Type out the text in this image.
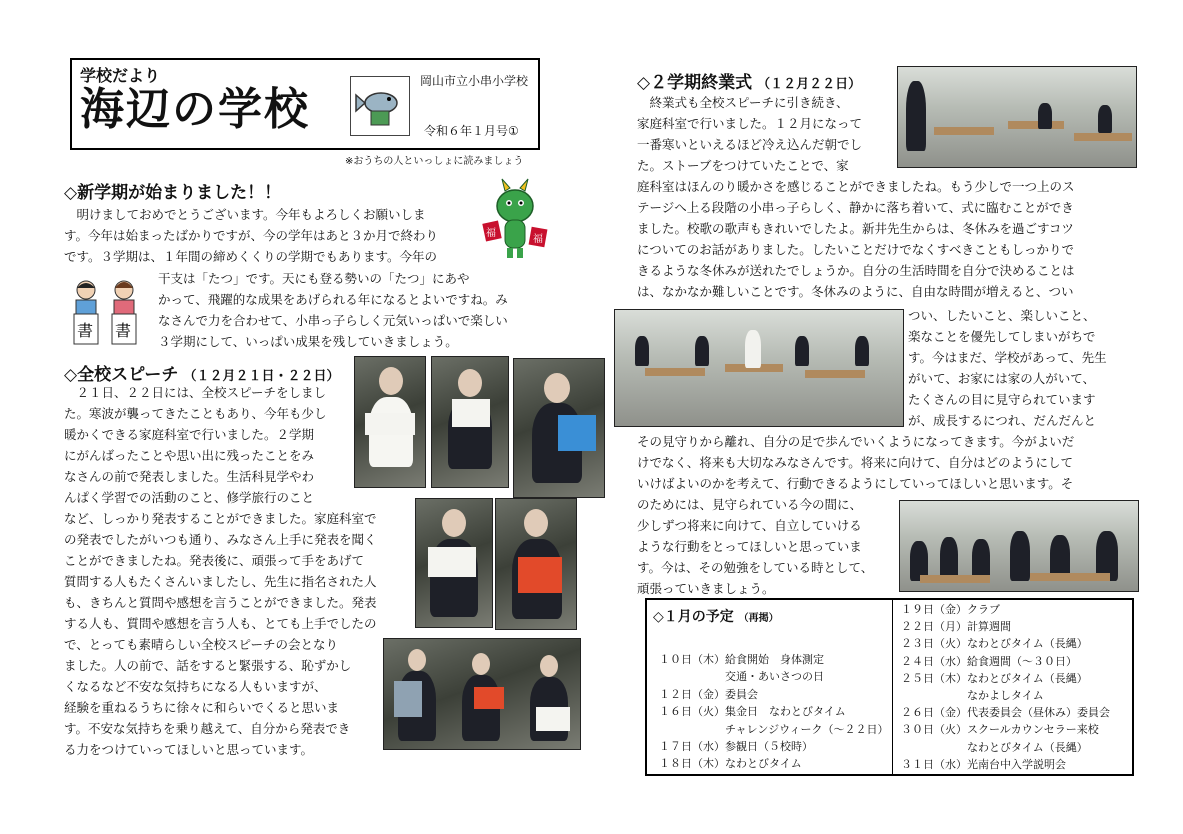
学校だより
海辺の学校
岡山市立小串小学校
令和６年１月号①
※おうちの人といっしょに読みましょう
◇新学期が始まりました！！
福
福
明けましておめでとうございます。今年もよろしくお願いしま
す。今年は始まったばかりですが、今の学年はあと３か月で終わり
です。３学期は、１年間の締めくくりの学期でもあります。今年の
書 書
干支は「たつ」です。天にも登る勢いの「たつ」にあや
かって、飛躍的な成果をあげられる年になるとよいですね。み
なさんで力を合わせて、小串っ子らしく元気いっぱいで楽しい
３学期にして、いっぱい成果を残していきましょう。
◇全校スピーチ （１２月２１日・２２日）
２１日、２２日には、全校スピーチをしまし
た。寒波が襲ってきたこともあり、今年も少し
暖かくできる家庭科室で行いました。２学期
にがんばったことや思い出に残ったことをみ
なさんの前で発表しました。生活科見学やわ
んぱく学習での活動のこと、修学旅行のこと
など、しっかり発表することができました。家庭科室で
の発表でしたがいつも通り、みなさん上手に発表を聞く
ことができましたね。発表後に、頑張って手をあげて
質問する人もたくさんいましたし、先生に指名された人
も、きちんと質問や感想を言うことができました。発表
する人も、質問や感想を言う人も、とても上手でしたの
で、とっても素晴らしい全校スピーチの会となり
ました。人の前で、話をすると緊張する、恥ずかし
くなるなど不安な気持ちになる人もいますが、
経験を重ねるうちに徐々に和らいでくると思いま
す。不安な気持ちを乗り越えて、自分から発表でき
る力をつけていってほしいと思っています。
◇２学期終業式 （１２月２２日）
終業式も全校スピーチに引き続き、
家庭科室で行いました。１２月になって
一番寒いといえるほど冷え込んだ朝でし
た。ストーブをつけていたことで、家
庭科室はほんのり暖かさを感じることができましたね。もう少しで一つ上のス
テージへ上る段階の小串っ子らしく、静かに落ち着いて、式に臨むことができ
ました。校歌の歌声もきれいでしたよ。新井先生からは、冬休みを過ごすコツ
についてのお話がありました。したいことだけでなくすべきこともしっかりで
きるような冬休みが送れたでしょうか。自分の生活時間を自分で決めることは
は、なかなか難しいことです。冬休みのように、自由な時間が増えると、つい
つい、したいこと、楽しいこと、
楽なことを優先してしまいがちで
す。今はまだ、学校があって、先生
がいて、お家には家の人がいて、
たくさんの目に見守られています
が、成長するにつれ、だんだんと
その見守りから離れ、自分の足で歩んでいくようになってきます。今がよいだ
けでなく、将来も大切なみなさんです。将来に向けて、自分はどのようにして
いけばよいのかを考えて、行動できるようにしていってほしいと思います。そ
のためには、見守られている今の間に、
少しずつ将来に向けて、自立していける
ような行動をとってほしいと思っていま
す。今は、その勉強をしている時として、
頑張っていきましょう。
◇１月の予定 （再掲）
１０日（木）給食開始　身体測定
　　　　　　交通・あいさつの日
１２日（金）委員会
１６日（火）集金日　なわとびタイム
　　　　　　チャレンジウィーク（～２２日）
１７日（水）参観日（５校時）
１８日（木）なわとびタイム
１９日（金）クラブ
２２日（月）計算週間
２３日（火）なわとびタイム（長縄）
２４日（水）給食週間（～３０日）
２５日（木）なわとびタイム（長縄）
　　　　　　なかよしタイム
２６日（金）代表委員会（昼休み）委員会
３０日（火）スクールカウンセラー来校
　　　　　　なわとびタイム（長縄）
３１日（水）光南台中入学説明会
